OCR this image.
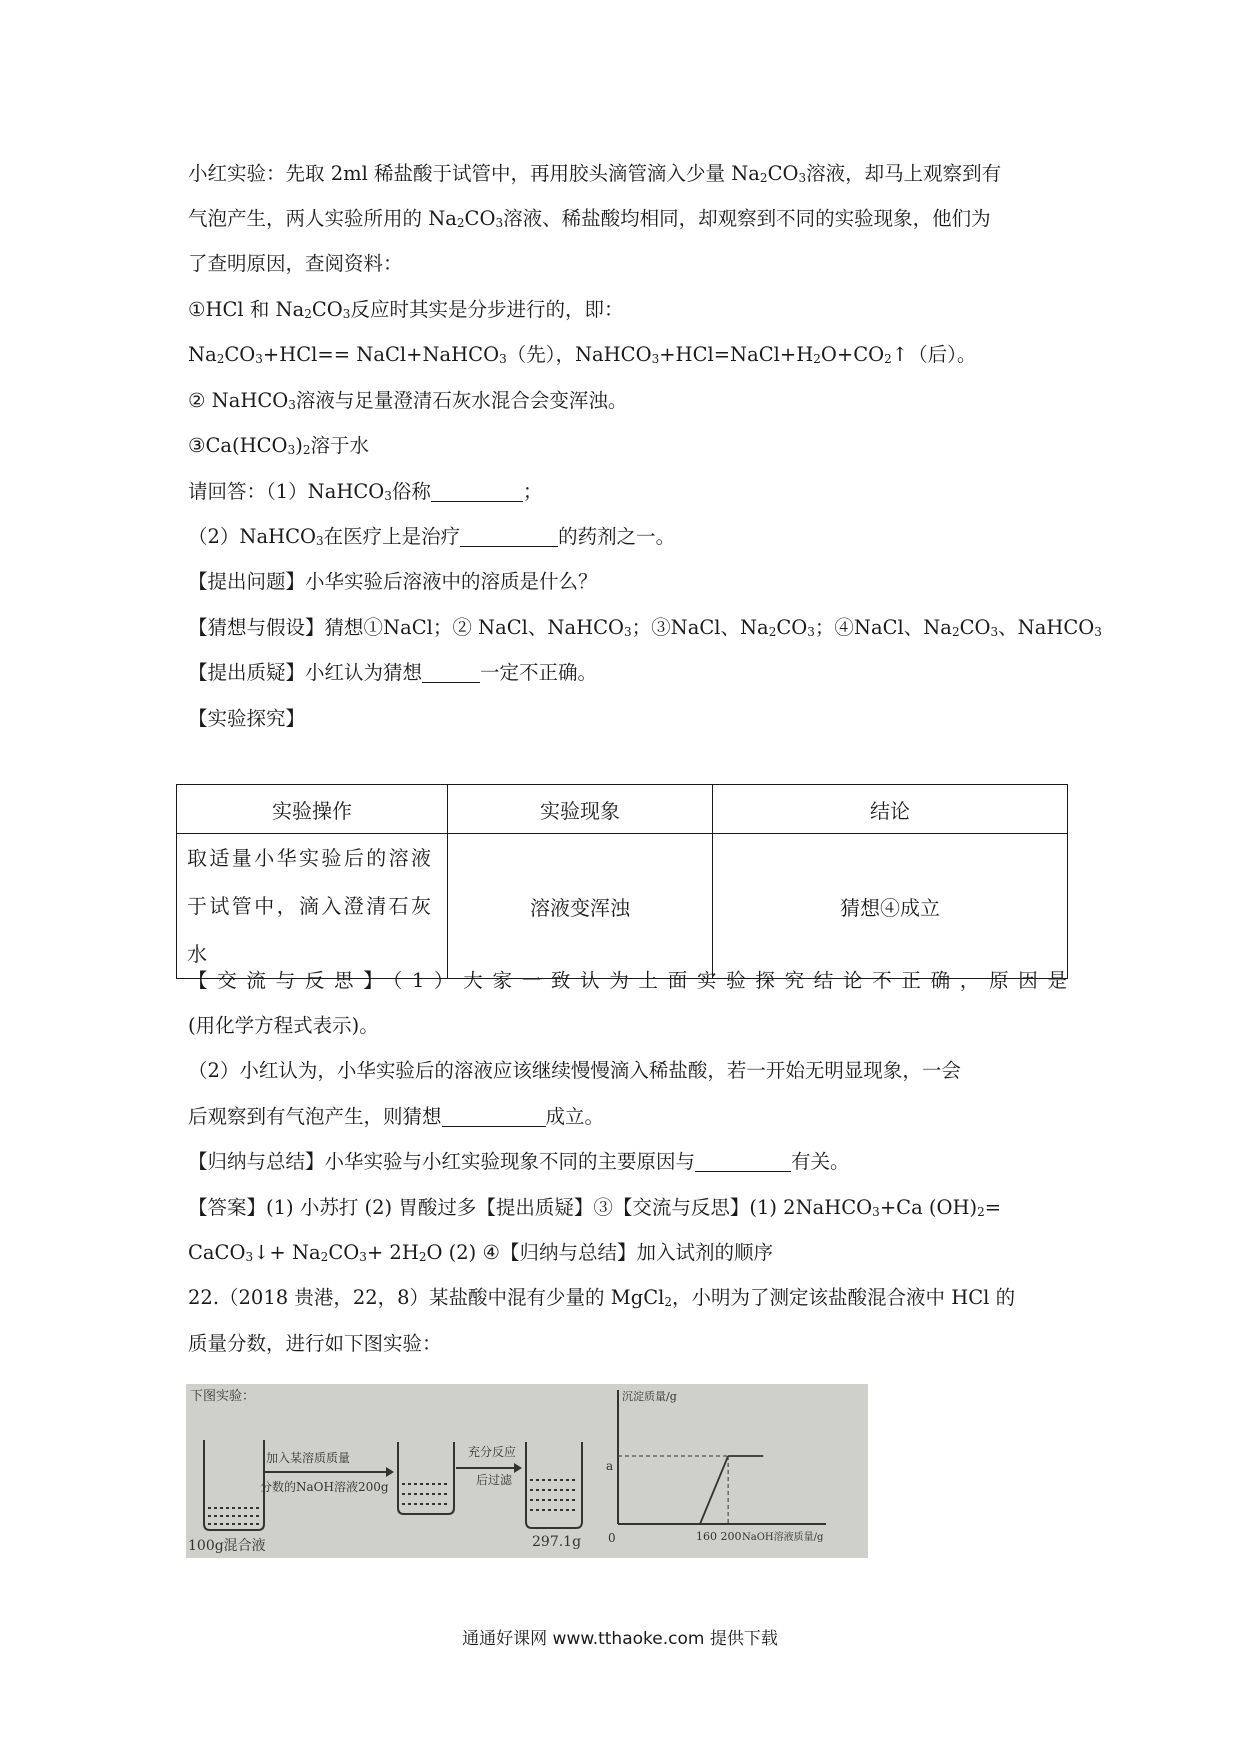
小红实验：先取 2ml 稀盐酸于试管中，再用胶头滴管滴入少量 $Na_2CO_3$溶液，却马上观察到有

气泡产生，两人实验所用的 $Na_2CO_3$溶液、稀盐酸均相同，却观察到不同的实验现象，他们为

了查明原因，查阅资料：

①HCl 和 $Na_2CO_3$反应时其实是分步进行的，即：

$Na_2CO_3+HCl==$ NaCl+NaHCO$_3$（先），$NaHCO_3+HCl=NaCl+H_2O+CO_2↑$（后）。

② NaHCO$_3$溶液与足量澄清石灰水混合会变浑浊。

$③Ca(HCO_3)_2$溶于水

请回答：（1）NaHCO$_3$俗称	；

（2）NaHCO$_3$在医疗上是治疗	的药剂之一。

【提出问题】小华实验后溶液中的溶质是什么？

【猜想与假设】猜想①NaCl；② NaCl、NaHCO$_3$；③NaCl、$Na_2CO_3$；④NaCl、$Na_2CO_3$、NaHCO$_3$

【提出质疑】小红认为猜想	一定不正确。

【实验探究】

实验操作	实验现象	结论
取适量小华实验后的溶液于试管中，滴入澄清石灰水	溶液变浑浊	猜想④成立

【交流与反思】（1）大家一致认为上面实验探究结论不正确，原因是

(用化学方程式表示)。

（2）小红认为，小华实验后的溶液应该继续慢慢滴入稀盐酸，若一开始无明显现象，一会

后观察到有气泡产生，则猜想	成立。

【归纳与总结】小华实验与小红实验现象不同的主要原因与	有关。

【答案】(1) 小苏打 (2) 胃酸过多【提出质疑】③【交流与反思】(1) 2NaHCO$_3$+Ca $(OH)_2=$

CaCO$_3$↓+ $Na_2CO_3+ 2H_2O$ (2) ④【归纳与总结】加入试剂的顺序

22.（2018 贵港，22，8）某盐酸中混有少量的 MgCl$_2$，小明为了测定该盐酸混合液中 HCl 的

质量分数，进行如下图实验：

下图实验：
100g混合液
加入某溶质质量
分数的NaOH溶液200g
充分反应
后过滤
297.1g
沉淀质量/g
a
0	160 200 NaOH溶液质量/g
通通好课网 www.tthaoke.com 提供下载
